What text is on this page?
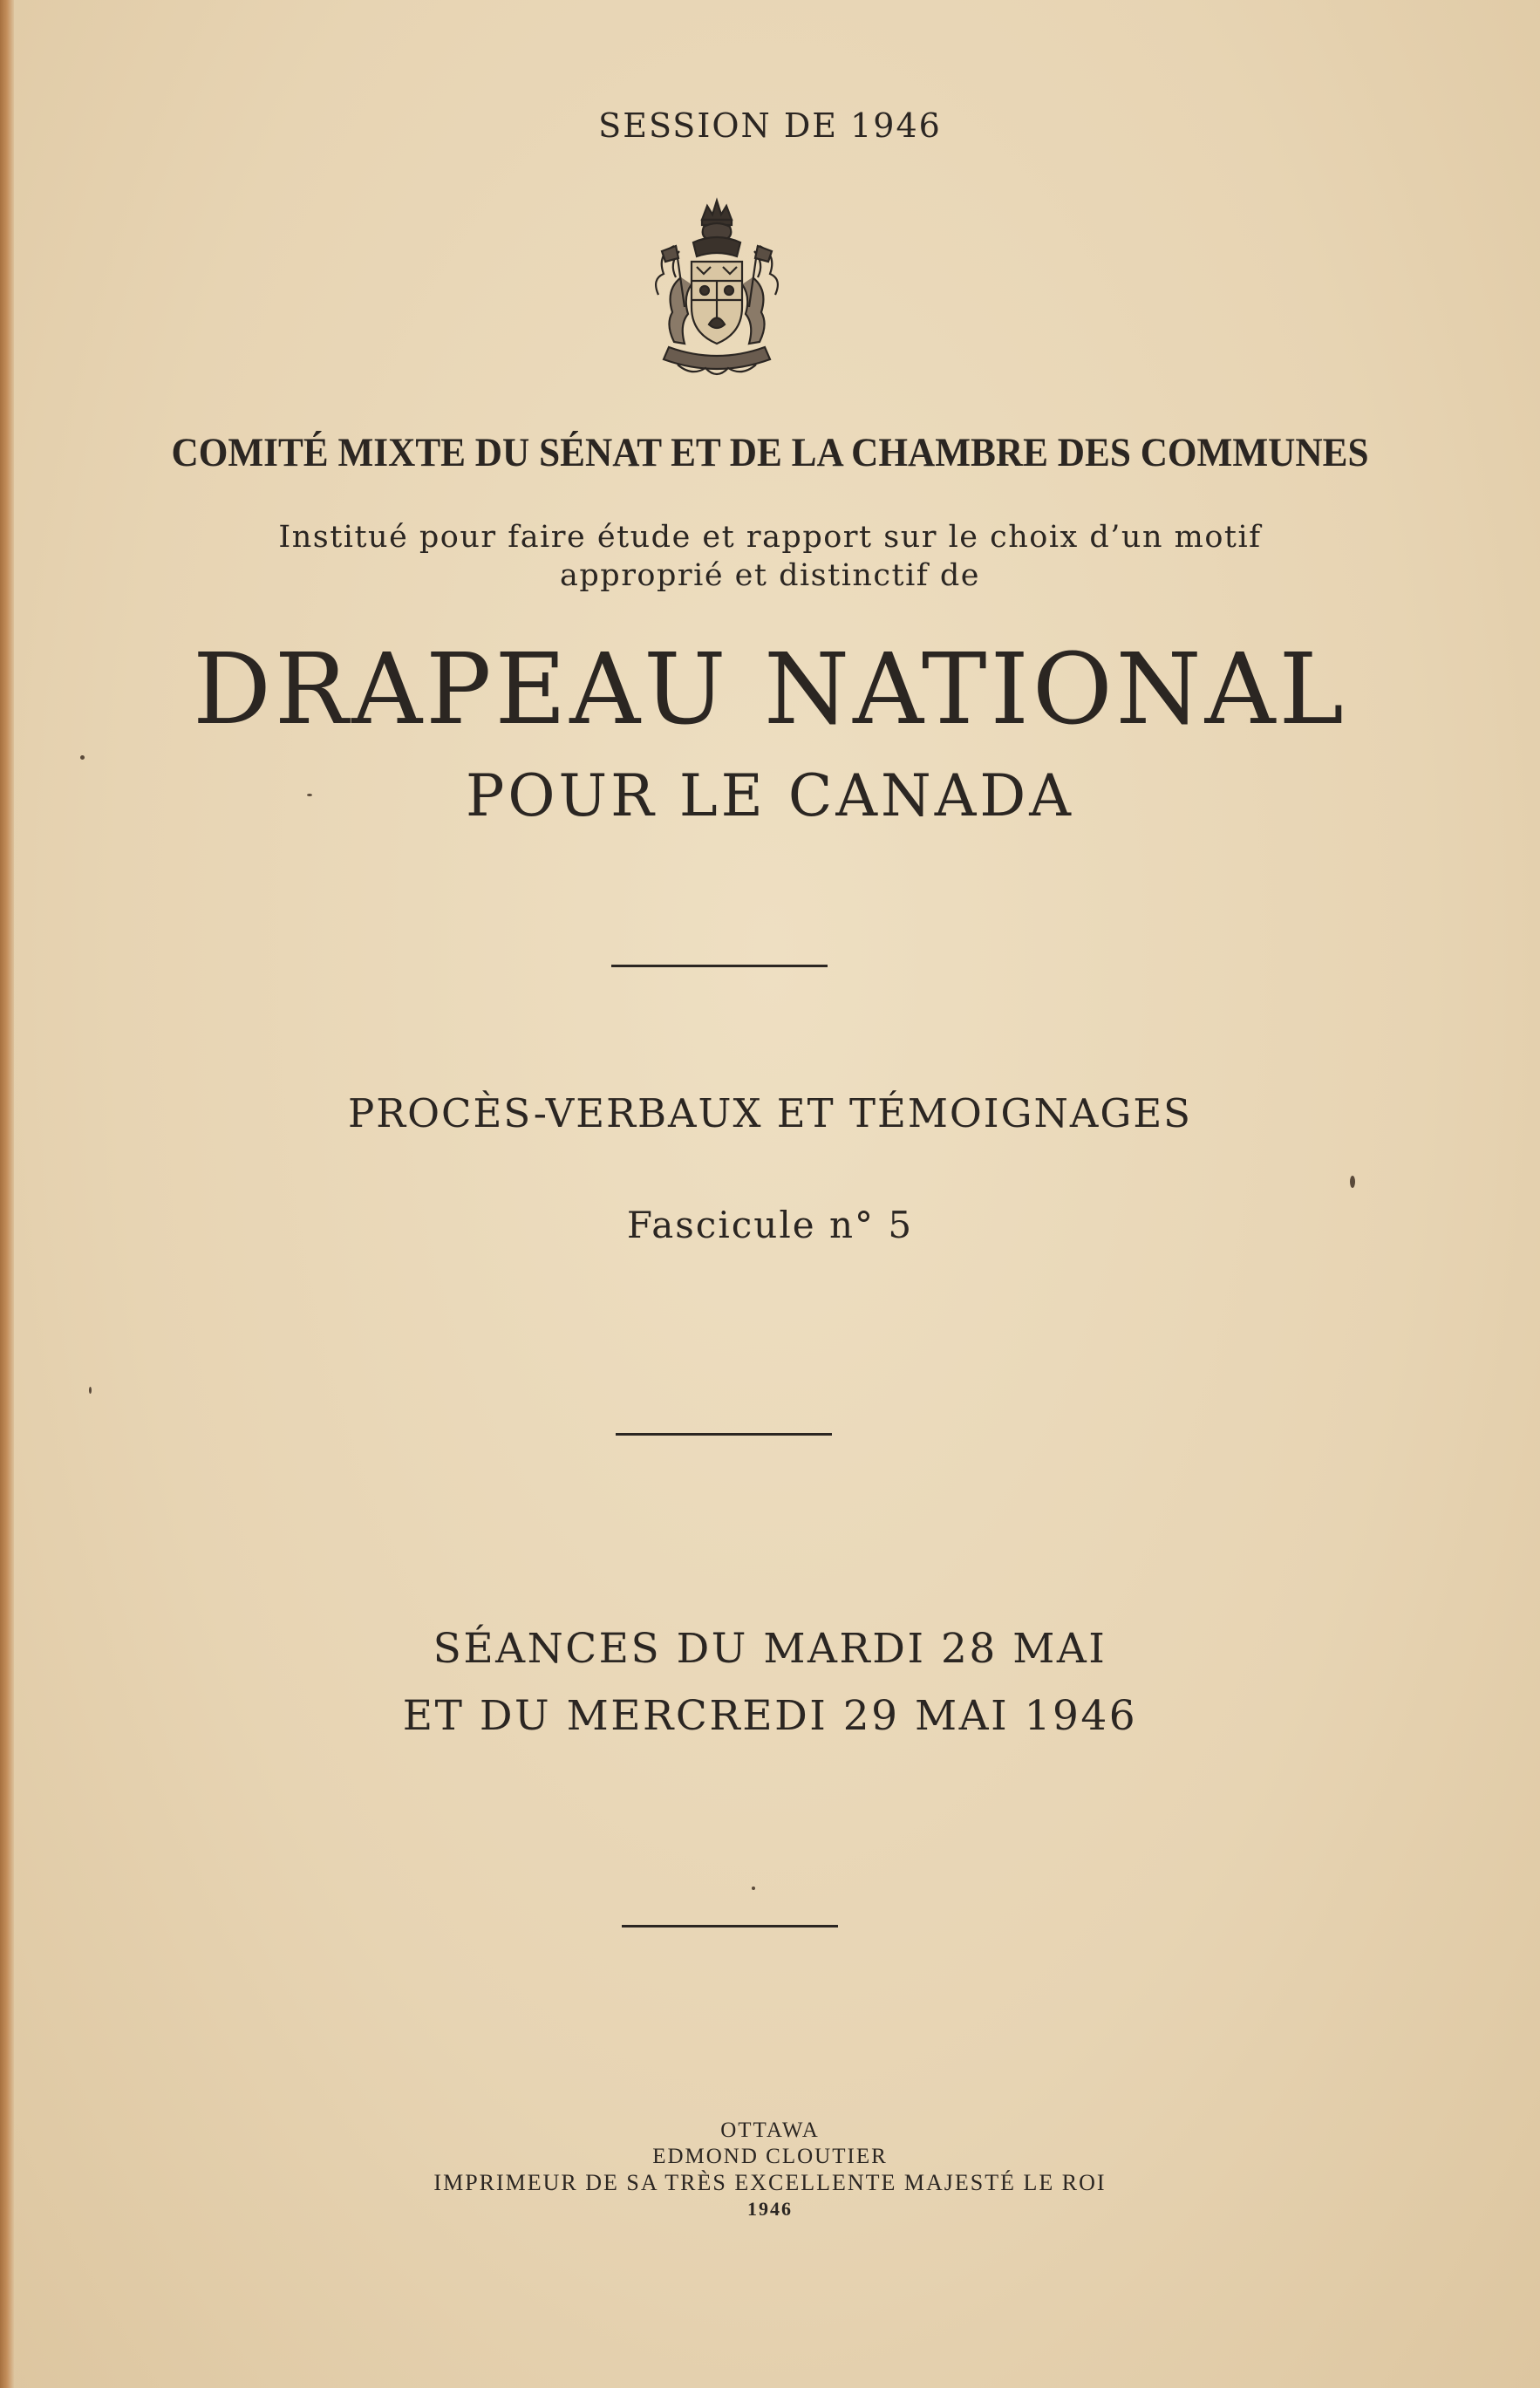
SESSION DE 1946
COMITÉ MIXTE DU SÉNAT ET DE LA CHAMBRE DES COMMUNES
Institué pour faire étude et rapport sur le choix d’un motif
approprié et distinctif de
DRAPEAU NATIONAL
POUR LE CANADA
PROCÈS-VERBAUX ET TÉMOIGNAGES
Fascicule n° 5
SÉANCES DU MARDI 28 MAI
ET DU MERCREDI 29 MAI 1946
OTTAWA
EDMOND CLOUTIER
IMPRIMEUR DE SA TRÈS EXCELLENTE MAJESTÉ LE ROI
1946
